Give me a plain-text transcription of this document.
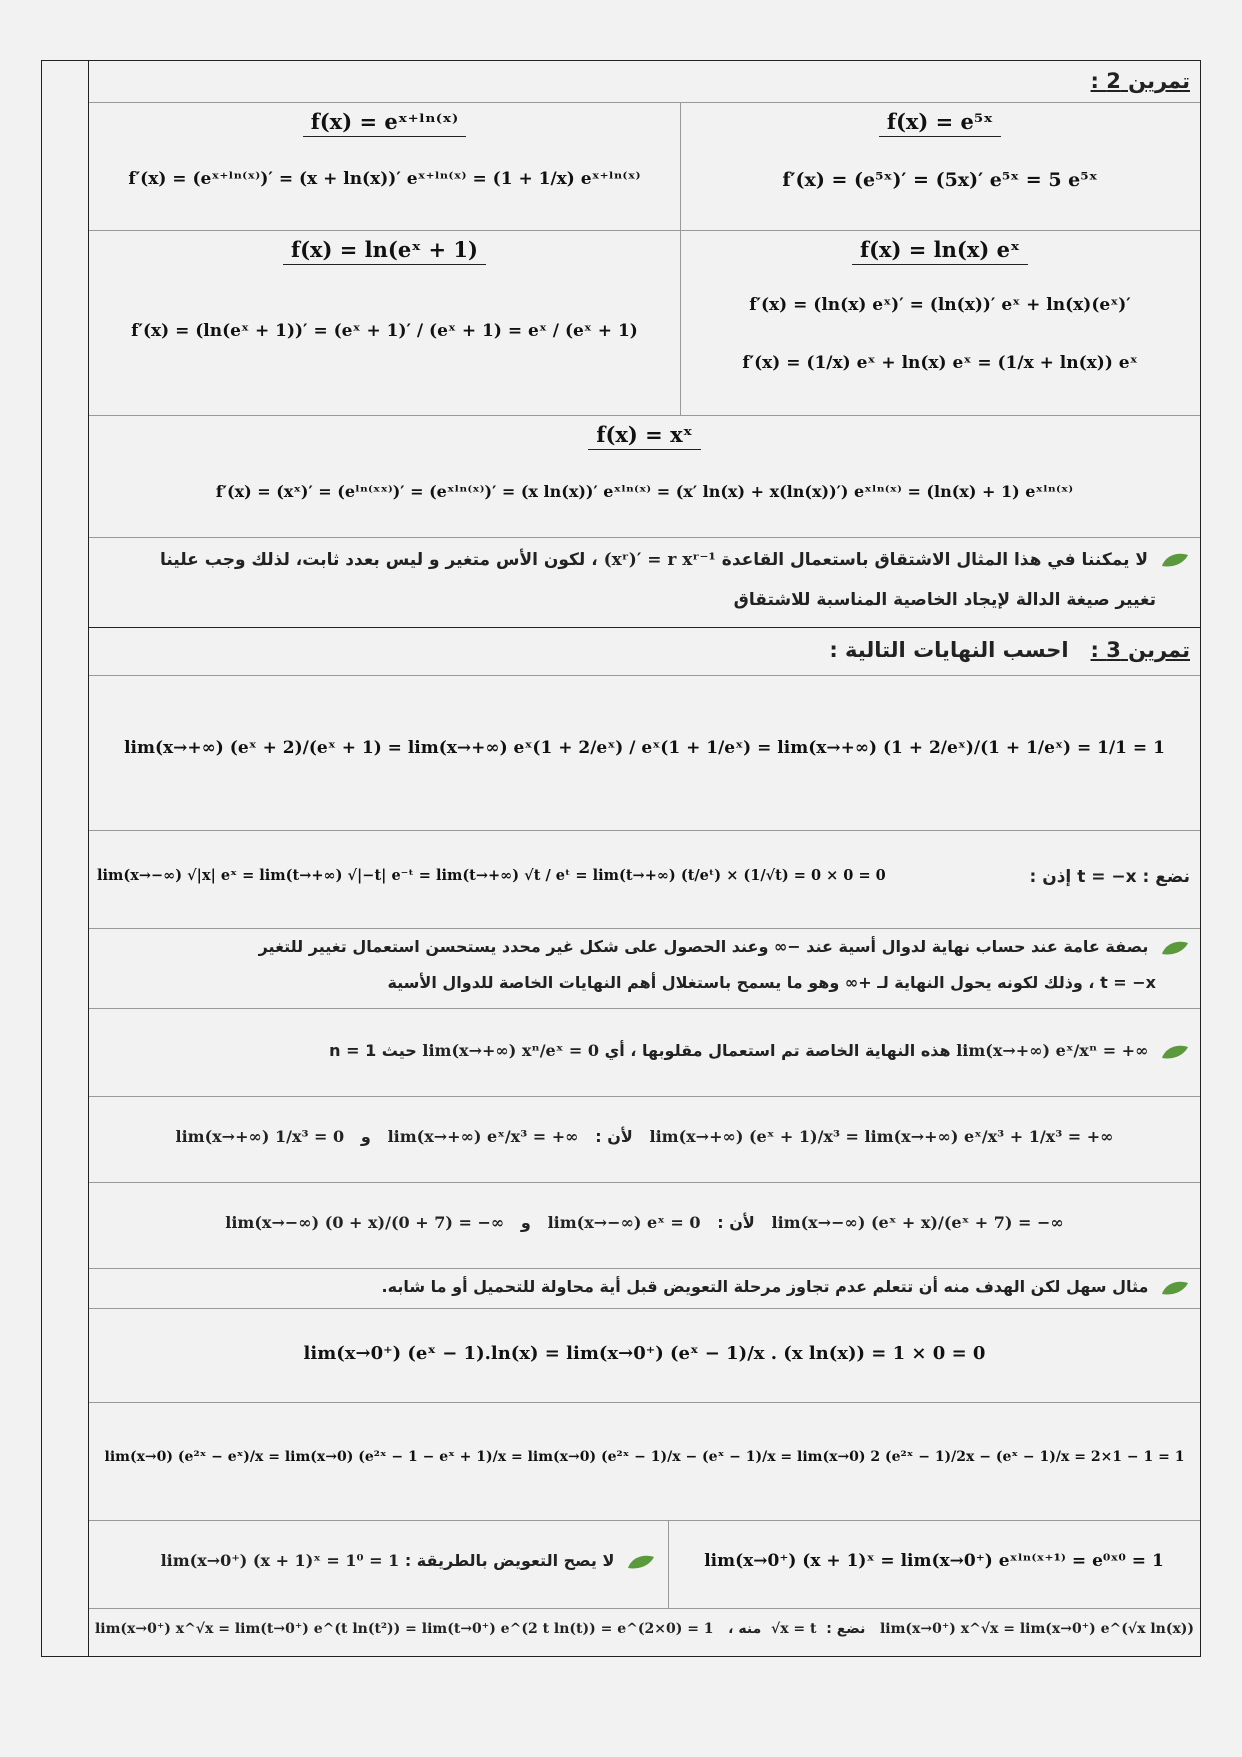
تمرين 2 :
f(x) = e⁵ˣ
f′(x) = (e⁵ˣ)′ = (5x)′ e⁵ˣ = 5 e⁵ˣ
f(x) = eˣ⁺ˡⁿ⁽ˣ⁾
f′(x) = (eˣ⁺ˡⁿ⁽ˣ⁾)′ = (x + ln(x))′ eˣ⁺ˡⁿ⁽ˣ⁾ = (1 + 1/x) eˣ⁺ˡⁿ⁽ˣ⁾
f(x) = ln(x) eˣ
f′(x) = (ln(x) eˣ)′ = (ln(x))′ eˣ + ln(x)(eˣ)′
f′(x) = (1/x) eˣ + ln(x) eˣ = (1/x + ln(x)) eˣ
f(x) = ln(eˣ + 1)
f′(x) = (ln(eˣ + 1))′ = (eˣ + 1)′ / (eˣ + 1) = eˣ / (eˣ + 1)
f(x) = xˣ
f′(x) = (xˣ)′ = (eˡⁿ⁽ˣˣ⁾)′ = (eˣˡⁿ⁽ˣ⁾)′ = (x ln(x))′ eˣˡⁿ⁽ˣ⁾ = (x′ ln(x) + x(ln(x))′) eˣˡⁿ⁽ˣ⁾ = (ln(x) + 1) eˣˡⁿ⁽ˣ⁾
لا يمكننا في هذا المثال الاشتقاق باستعمال القاعدة (xʳ)′ = r xʳ⁻¹ ، لكون الأس متغير و ليس بعدد ثابت، لذلك وجب علينا
تغيير صيغة الدالة لإيجاد الخاصية المناسبة للاشتقاق
تمرين 3 :   احسب النهايات التالية :
lim(x→+∞) (eˣ + 2)/(eˣ + 1) = lim(x→+∞) eˣ(1 + 2/eˣ) / eˣ(1 + 1/eˣ) = lim(x→+∞) (1 + 2/eˣ)/(1 + 1/eˣ) = 1/1 = 1
نضع : t = −x إذن :
lim(x→−∞) √|x| eˣ = lim(t→+∞) √|−t| e⁻ᵗ = lim(t→+∞) √t / eᵗ = lim(t→+∞) (t/eᵗ) × (1/√t) = 0 × 0 = 0
بصفة عامة عند حساب نهاية لدوال أسية عند −∞ وعند الحصول على شكل غير محدد يستحسن استعمال تغيير للتغير
t = −x ، وذلك لكونه يحول النهاية لـ +∞ وهو ما يسمح باستغلال أهم النهايات الخاصة للدوال الأسية
lim(x→+∞) eˣ/xⁿ = +∞ هذه النهاية الخاصة تم استعمال مقلوبها ، أي lim(x→+∞) xⁿ/eˣ = 0 حيث n = 1
lim(x→+∞) (eˣ + 1)/x³ = lim(x→+∞) eˣ/x³ + 1/x³ = +∞   لأن :   lim(x→+∞) eˣ/x³ = +∞   و   lim(x→+∞) 1/x³ = 0
lim(x→−∞) (eˣ + x)/(eˣ + 7) = −∞   لأن :   lim(x→−∞) eˣ = 0   و   lim(x→−∞) (0 + x)/(0 + 7) = −∞
مثال سهل لكن الهدف منه أن تتعلم عدم تجاوز مرحلة التعويض قبل أية محاولة للتحميل أو ما شابه.
lim(x→0⁺) (eˣ − 1).ln(x) = lim(x→0⁺) (eˣ − 1)/x . (x ln(x)) = 1 × 0 = 0
lim(x→0) (e²ˣ − eˣ)/x = lim(x→0) (e²ˣ − 1 − eˣ + 1)/x = lim(x→0) (e²ˣ − 1)/x − (eˣ − 1)/x = lim(x→0) 2 (e²ˣ − 1)/2x − (eˣ − 1)/x = 2×1 − 1 = 1
lim(x→0⁺) (x + 1)ˣ = lim(x→0⁺) eˣˡⁿ⁽ˣ⁺¹⁾ = e⁰ˣ⁰ = 1
لا يصح التعويض بالطريقة : lim(x→0⁺) (x + 1)ˣ = 1⁰ = 1
lim(x→0⁺) x^√x = lim(x→0⁺) e^(√x ln(x))   نضع :  √x = t  منه ،   lim(x→0⁺) x^√x = lim(t→0⁺) e^(t ln(t²)) = lim(t→0⁺) e^(2 t ln(t)) = e^(2×0) = 1
